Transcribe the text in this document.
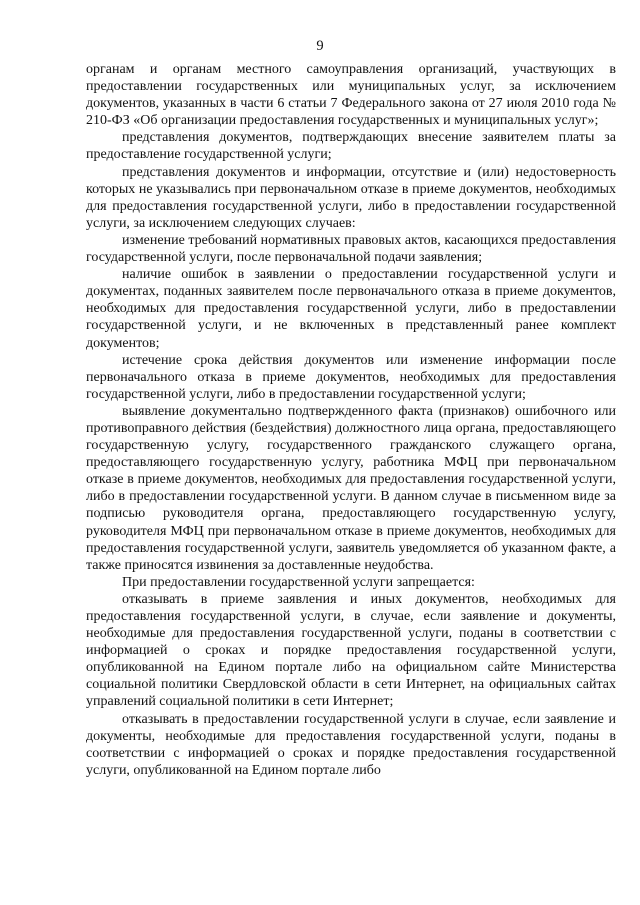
9

органам и органам местного самоуправления организаций, участвующих в предоставлении государственных или муниципальных услуг, за исключением документов, указанных в части 6 статьи 7 Федерального закона от 27 июля 2010 года № 210-ФЗ «Об организации предоставления государственных и муниципальных услуг»;

представления документов, подтверждающих внесение заявителем платы за предоставление государственной услуги;

представления документов и информации, отсутствие и (или) недостоверность которых не указывались при первоначальном отказе в приеме документов, необходимых для предоставления государственной услуги, либо в предоставлении государственной услуги, за исключением следующих случаев:

изменение требований нормативных правовых актов, касающихся предоставления государственной услуги, после первоначальной подачи заявления;

наличие ошибок в заявлении о предоставлении государственной услуги и документах, поданных заявителем после первоначального отказа в приеме документов, необходимых для предоставления государственной услуги, либо в предоставлении государственной услуги, и не включенных в представленный ранее комплект документов;

истечение срока действия документов или изменение информации после первоначального отказа в приеме документов, необходимых для предоставления государственной услуги, либо в предоставлении государственной услуги;

выявление документально подтвержденного факта (признаков) ошибочного или противоправного действия (бездействия) должностного лица органа, предоставляющего государственную услугу, государственного гражданского служащего органа, предоставляющего государственную услугу, работника МФЦ при первоначальном отказе в приеме документов, необходимых для предоставления государственной услуги, либо в предоставлении государственной услуги. В данном случае в письменном виде за подписью руководителя органа, предоставляющего государственную услугу, руководителя МФЦ при первоначальном отказе в приеме документов, необходимых для предоставления государственной услуги, заявитель уведомляется об указанном факте, а также приносятся извинения за доставленные неудобства.

При предоставлении государственной услуги запрещается:

отказывать в приеме заявления и иных документов, необходимых для предоставления государственной услуги, в случае, если заявление и документы, необходимые для предоставления государственной услуги, поданы в соответствии с информацией о сроках и порядке предоставления государственной услуги, опубликованной на Едином портале либо на официальном сайте Министерства социальной политики Свердловской области в сети Интернет, на официальных сайтах управлений социальной политики в сети Интернет;

отказывать в предоставлении государственной услуги в случае, если заявление и документы, необходимые для предоставления государственной услуги, поданы в соответствии с информацией о сроках и порядке предоставления государственной услуги, опубликованной на Едином портале либо
